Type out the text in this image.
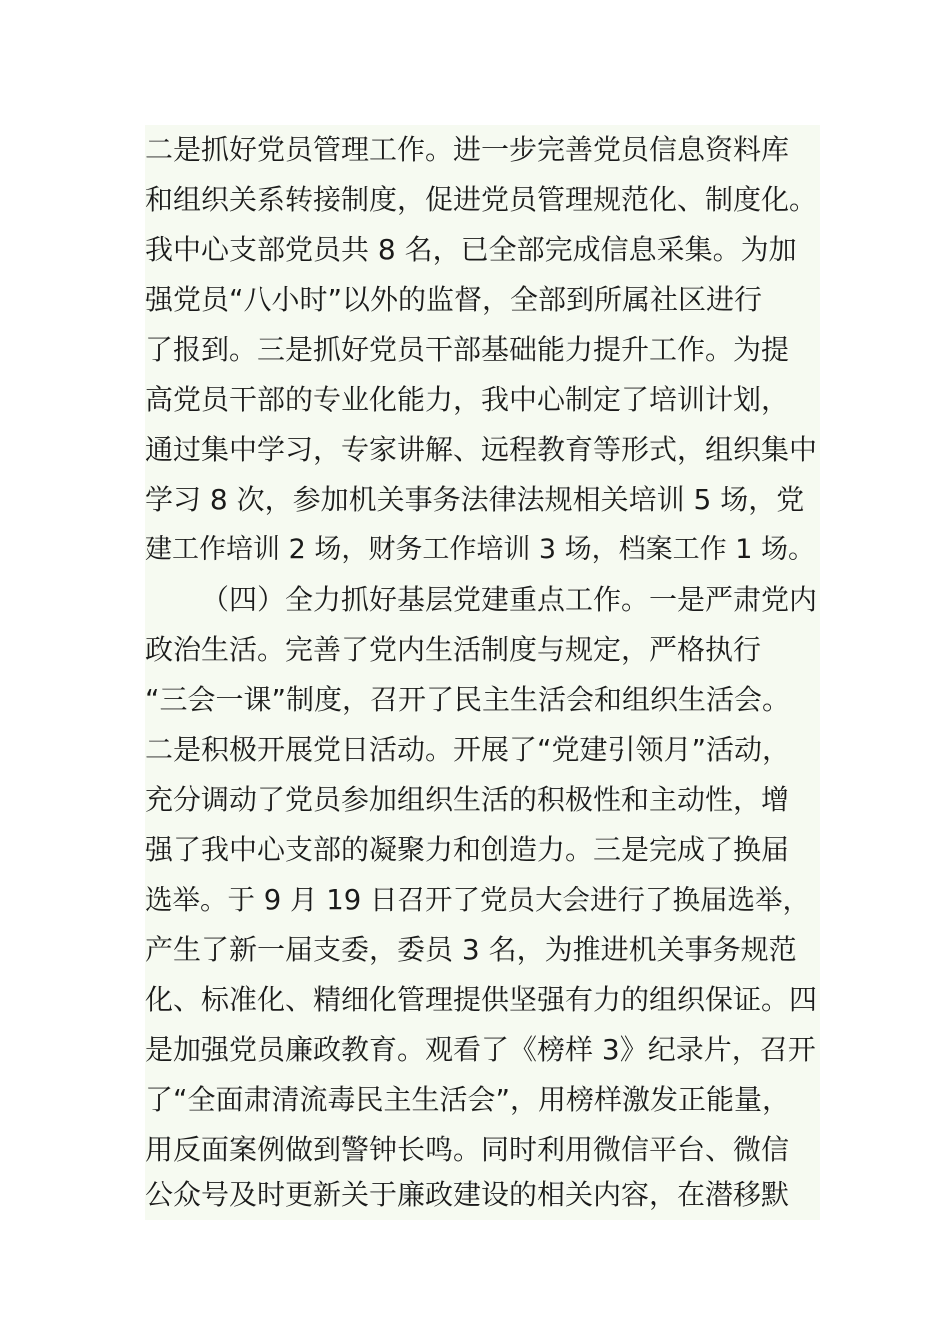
二是抓好党员管理工作。进一步完善党员信息资料库
和组织关系转接制度，促进党员管理规范化、制度化。
我中心支部党员共 8 名，已全部完成信息采集。为加
强党员“八小时”以外的监督，全部到所属社区进行
了报到。三是抓好党员干部基础能力提升工作。为提
高党员干部的专业化能力，我中心制定了培训计划，
通过集中学习，专家讲解、远程教育等形式，组织集中
学习 8 次，参加机关事务法律法规相关培训 5 场，党
建工作培训 2 场，财务工作培训 3 场，档案工作 1 场。
（四）全力抓好基层党建重点工作。一是严肃党内
政治生活。完善了党内生活制度与规定，严格执行
“三会一课”制度，召开了民主生活会和组织生活会。
二是积极开展党日活动。开展了“党建引领月”活动，
充分调动了党员参加组织生活的积极性和主动性，增
强了我中心支部的凝聚力和创造力。三是完成了换届
选举。于 9 月 19 日召开了党员大会进行了换届选举，
产生了新一届支委，委员 3 名，为推进机关事务规范
化、标准化、精细化管理提供坚强有力的组织保证。四
是加强党员廉政教育。观看了《榜样 3》纪录片，召开
了“全面肃清流毒民主生活会”，用榜样激发正能量，
用反面案例做到警钟长鸣。同时利用微信平台、微信
公众号及时更新关于廉政建设的相关内容，在潜移默
